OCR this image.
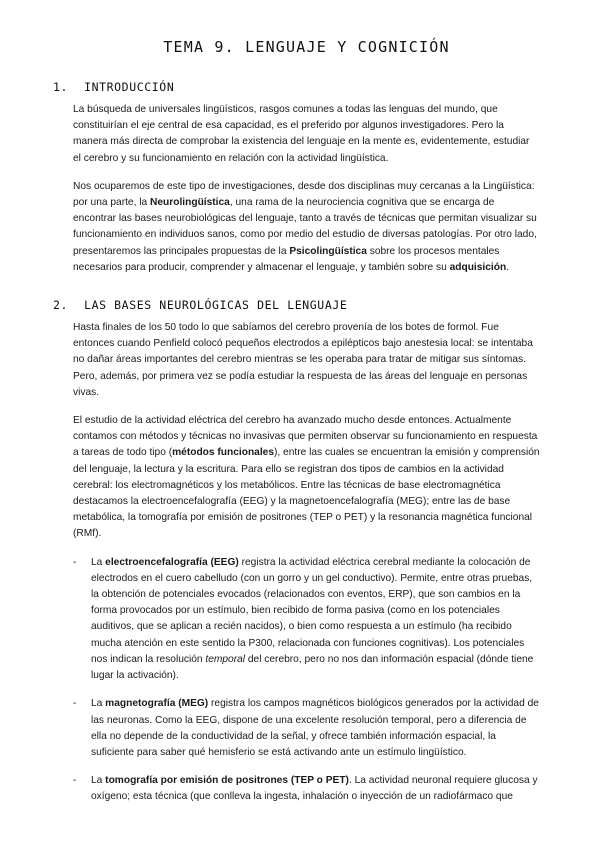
TEMA 9. LENGUAJE Y COGNICIÓN
1. INTRODUCCIÓN

La búsqueda de universales lingüísticos, rasgos comunes a todas las lenguas del mundo, que constituirían el eje central de esa capacidad, es el preferido por algunos investigadores. Pero la manera más directa de comprobar la existencia del lenguaje en la mente es, evidentemente, estudiar el cerebro y su funcionamiento en relación con la actividad lingüística.

Nos ocuparemos de este tipo de investigaciones, desde dos disciplinas muy cercanas a la Lingüística: por una parte, la Neurolingüística, una rama de la neurociencia cognitiva que se encarga de encontrar las bases neurobiológicas del lenguaje, tanto a través de técnicas que permitan visualizar su funcionamiento en individuos sanos, como por medio del estudio de diversas patologías. Por otro lado, presentaremos las principales propuestas de la Psicolingüística sobre los procesos mentales necesarios para producir, comprender y almacenar el lenguaje, y también sobre su adquisición.

2. LAS BASES NEUROLÓGICAS DEL LENGUAJE

Hasta finales de los 50 todo lo que sabíamos del cerebro provenía de los botes de formol. Fue entonces cuando Penfield colocó pequeños electrodos a epilépticos bajo anestesia local: se intentaba no dañar áreas importantes del cerebro mientras se les operaba para tratar de mitigar sus síntomas. Pero, además, por primera vez se podía estudiar la respuesta de las áreas del lenguaje en personas vivas.

El estudio de la actividad eléctrica del cerebro ha avanzado mucho desde entonces. Actualmente contamos con métodos y técnicas no invasivas que permiten observar su funcionamiento en respuesta a tareas de todo tipo (métodos funcionales), entre las cuales se encuentran la emisión y comprensión del lenguaje, la lectura y la escritura. Para ello se registran dos tipos de cambios en la actividad cerebral: los electromagnéticos y los metabólicos. Entre las técnicas de base electromagnética destacamos la electroencefalografía (EEG) y la magnetoencefalografía (MEG); entre las de base metabólica, la tomografía por emisión de positrones (TEP o PET) y la resonancia magnética funcional (RMf).

- La electroencefalografía (EEG) registra la actividad eléctrica cerebral mediante la colocación de electrodos en el cuero cabelludo (con un gorro y un gel conductivo). Permite, entre otras pruebas, la obtención de potenciales evocados (relacionados con eventos, ERP), que son cambios en la forma provocados por un estímulo, bien recibido de forma pasiva (como en los potenciales auditivos, que se aplican a recién nacidos), o bien como respuesta a un estímulo (ha recibido mucha atención en este sentido la P300, relacionada con funciones cognitivas). Los potenciales nos indican la resolución temporal del cerebro, pero no nos dan información espacial (dónde tiene lugar la activación).
- La magnetografía (MEG) registra los campos magnéticos biológicos generados por la actividad de las neuronas. Como la EEG, dispone de una excelente resolución temporal, pero a diferencia de ella no depende de la conductividad de la señal, y ofrece también información espacial, la suficiente para saber qué hemisferio se está activando ante un estímulo lingüístico.
- La tomografía por emisión de positrones (TEP o PET). La actividad neuronal requiere glucosa y oxígeno; esta técnica (que conlleva la ingesta, inhalación o inyección de un radiofármaco que
